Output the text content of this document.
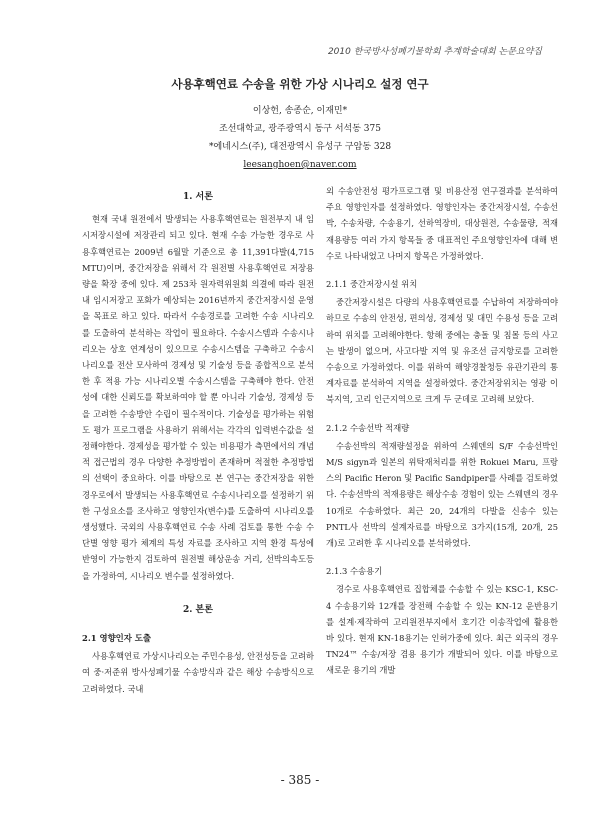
2010 한국방사성폐기물학회 추계학술대회 논문요약집
사용후핵연료 수송을 위한 가상 시나리오 설정 연구
이상헌, 송종순, 이재민*
조선대학교, 광주광역시 동구 서석동 375
*에네시스(주), 대전광역시 유성구 구암동 328
leesanghoen@naver.com
1. 서론

현재 국내 원전에서 발생되는 사용후핵연료는 원전부지 내 임시저장시설에 저장관리 되고 있다. 현재 수송 가능한 경우로 사용후핵연료는 2009년 6월말 기준으로 총 11,391다발(4,715 MTU)이며, 중간저장을 위해서 각 원전별 사용후핵연료 저장용량을 확장 중에 있다. 제 253차 원자력위원회 의결에 따라 원전 내 임시저장고 포화가 예상되는 2016년까지 중간저장시설 운영을 목표로 하고 있다. 따라서 수송경로를 고려한 수송 시나리오를 도출하여 분석하는 작업이 필요하다. 수송시스템과 수송시나리오는 상호 연계성이 있으므로 수송시스템을 구축하고 수송시나리오를 전산 모사하여 경제성 및 기술성 등을 종합적으로 분석한 후 적용 가능 시나리오별 수송시스템을 구축해야 한다. 안전성에 대한 신뢰도를 확보하여야 할 뿐 아니라 기술성, 경제성 등을 고려한 수송방안 수립이 필수적이다. 기술성을 평가하는 위험도 평가 프로그램을 사용하기 위해서는 각각의 입력변수값을 설정해야한다. 경제성을 평가할 수 있는 비용평가 측면에서의 개념적 접근법의 경우 다양한 추정방법이 존재하며 적절한 추정방법의 선택이 중요하다. 이를 바탕으로 본 연구는 중간저장을 위한 경우로에서 발생되는 사용후핵연료 수송시나리오를 설정하기 위한 구성요소를 조사하고 영향인자(변수)를 도출하여 시나리오를 생성했다. 국외의 사용후핵연료 수송 사례 검토를 통한 수송 수단별 영향 평가 체계의 특성 자료를 조사하고 지역 환경 특성에 반영이 가능한지 검토하여 원전별 해상운송 거리, 선박의속도등을 가정하여, 시나리오 변수를 설정하였다.

2. 본론
2.1 영향인자 도출

사용후핵연료 가상시나리오는 주민수용성, 안전성등을 고려하여 중·저준위 방사성폐기물 수송방식과 같은 해상 수송방식으로 고려하였다. 국내

외 수송안전성 평가프로그램 및 비용산정 연구결과를 분석하여 주요 영향인자를 설정하였다. 영향인자는 중간저장시설, 수송선박, 수송차량, 수송용기, 선하역장비, 대상원전, 수송물량, 적재재용량등 여러 가지 항목들 중 대표적인 주요영향인자에 대해 변수로 나타내었고 나머지 항목은 가정하였다.

2.1.1 중간저장시설 위치

중간저장시설은 다량의 사용후핵연료를 수납하여 저장하여야 하므로 수송의 안전성, 편의성, 경제성 및 대민 수용성 등을 고려하여 위치를 고려해야한다. 항해 중에는 충돌 및 침몰 등의 사고는 발생이 없으며, 사고다발 지역 및 유조선 금지항로를 고려한 수송으로 가정하였다. 이를 위하여 해양경찰청등 유관기관의 통계자료를 분석하여 지역을 설정하였다. 중간저장위치는 영광 이북지역, 고리 인근지역으로 크게 두 군데로 고려해 보았다.

2.1.2 수송선박 적재량

수송선박의 적재량설정을 위하여 스웨덴의 S/F 수송선박인 M/S sigyn과 일본의 위탁재처리를 위한 Rokuei Maru, 프랑스의 Pacific Heron 및 Pacific Sandpiper를 사례를 검토하였다. 수송선박의 적재용량은 해상수송 경험이 있는 스웨덴의 경우 10개로 수송하였다. 최근 20, 24개의 다발을 신송수 있는 PNTL사 선박의 설계자료를 바탕으로 3가지(15개, 20개, 25개)로 고려한 후 시나리오를 분석하였다.

2.1.3 수송용기

경수로 사용후핵연료 집합체를 수송할 수 있는 KSC-1, KSC-4 수송용기와 12개를 장전해 수송할 수 있는 KN-12 운반용기를 설계·제작하여 고리원전부지에서 호기간 이송작업에 활용한 바 있다. 현재 KN-18용기는 인허가중에 있다. 최근 외국의 경우 TN24™ 수송/저장 겸용 용기가 개발되어 있다. 이를 바탕으로 새로운 용기의 개발

- 385 -
